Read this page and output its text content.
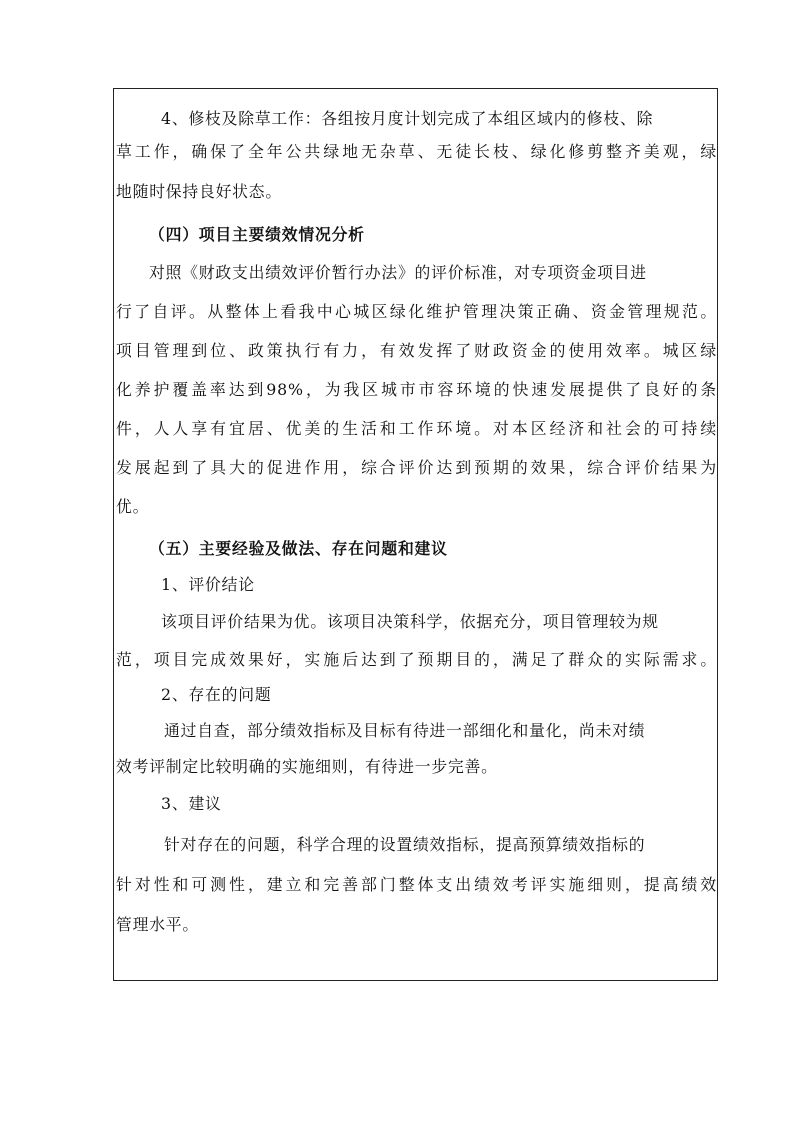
4、修枝及除草工作：各组按月度计划完成了本组区域内的修枝、除

草工作，确保了全年公共绿地无杂草、无徒长枝、绿化修剪整齐美观，绿

地随时保持良好状态。

（四）项目主要绩效情况分析

对照《财政支出绩效评价暂行办法》的评价标准，对专项资金项目进

行了自评。从整体上看我中心城区绿化维护管理决策正确、资金管理规范。

项目管理到位、政策执行有力，有效发挥了财政资金的使用效率。城区绿

化养护覆盖率达到98%，为我区城市市容环境的快速发展提供了良好的条

件，人人享有宜居、优美的生活和工作环境。对本区经济和社会的可持续

发展起到了具大的促进作用，综合评价达到预期的效果，综合评价结果为

优。

（五）主要经验及做法、存在问题和建议

1、评价结论

该项目评价结果为优。该项目决策科学，依据充分，项目管理较为规

范，项目完成效果好，实施后达到了预期目的，满足了群众的实际需求。

2、存在的问题

通过自查，部分绩效指标及目标有待进一部细化和量化，尚未对绩

效考评制定比较明确的实施细则，有待进一步完善。

3、建议

针对存在的问题，科学合理的设置绩效指标，提高预算绩效指标的

针对性和可测性，建立和完善部门整体支出绩效考评实施细则，提高绩效

管理水平。
